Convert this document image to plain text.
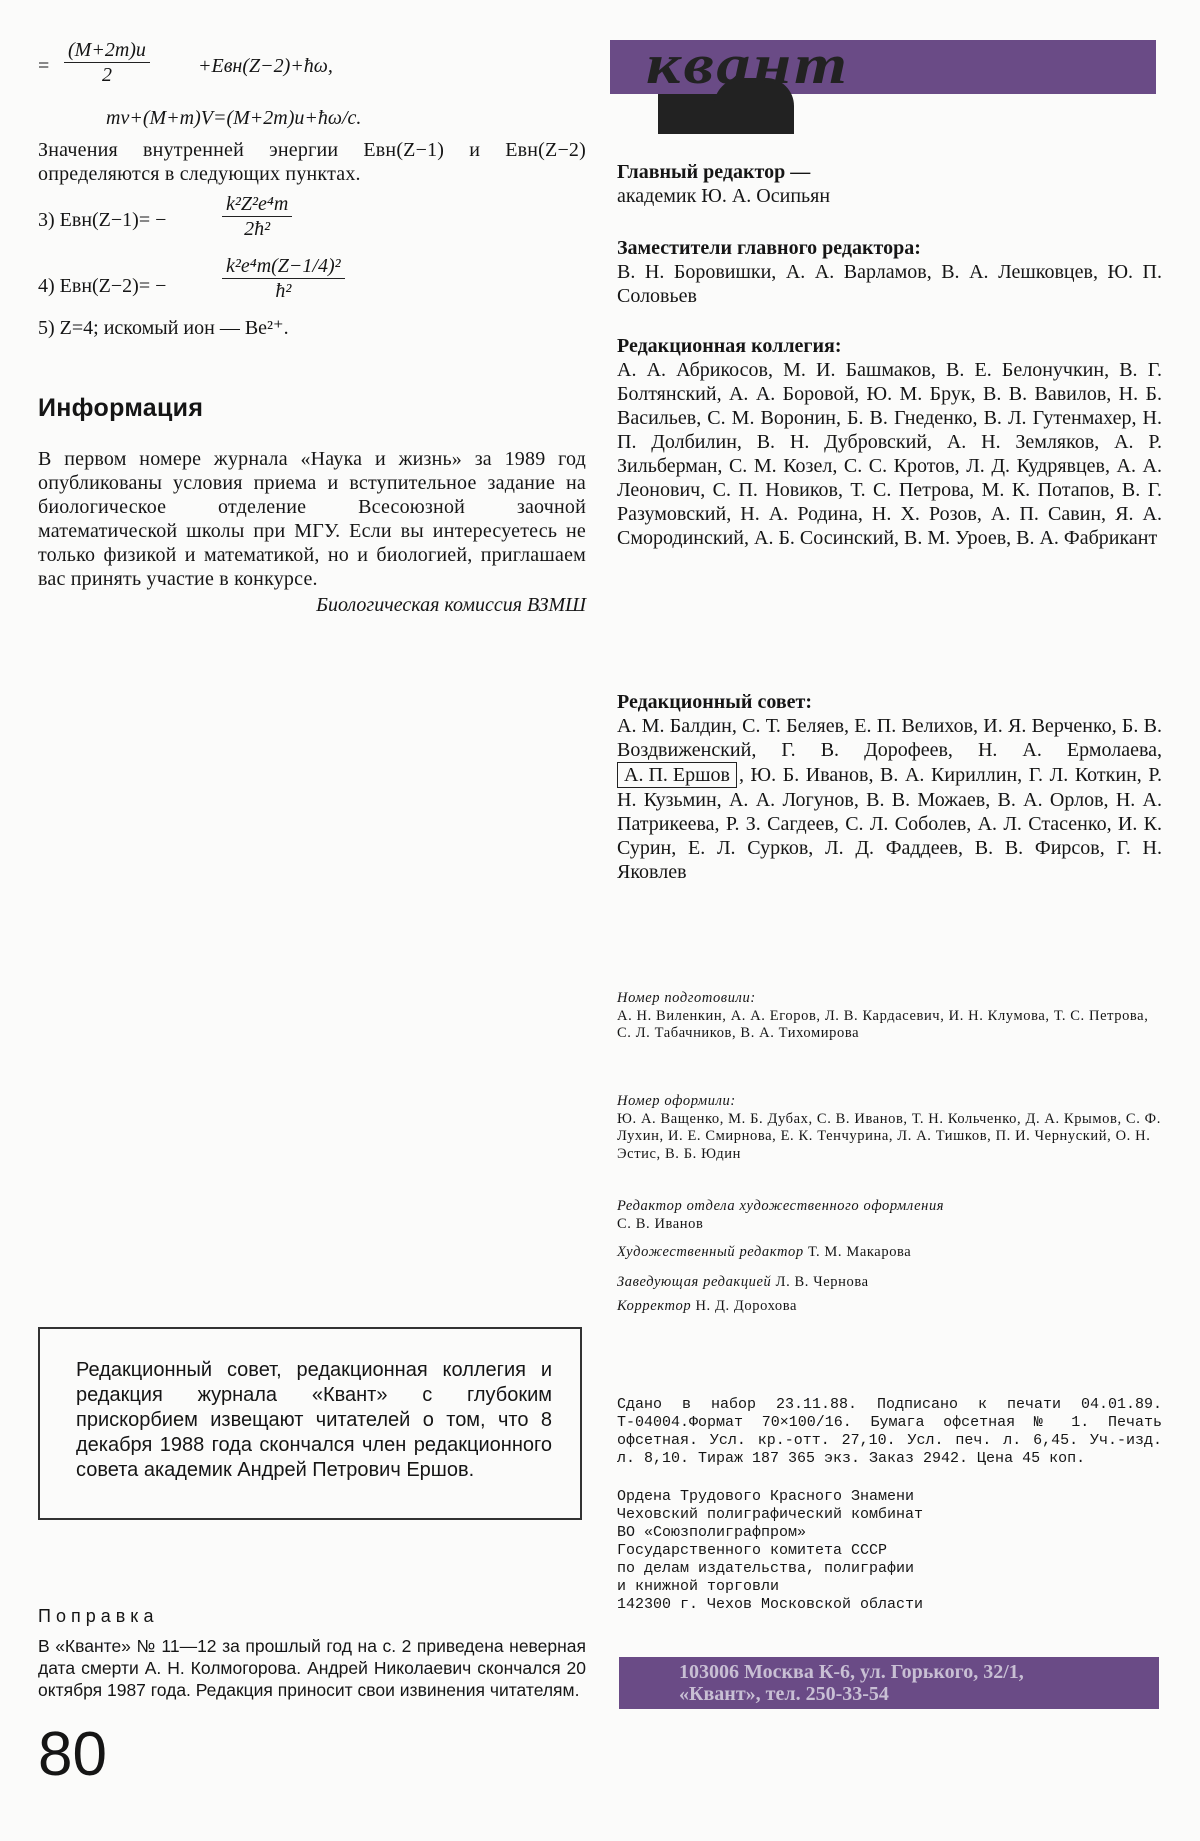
= $\frac{(M+2m)u}{2}$ +Eвн(Z−2)+ħω,
mv+(M+m)V=(M+2m)u+ħω/c.
Значения внутренней энергии Eвн(Z−1) и Eвн(Z−2) определяются в следующих пунктах.
3) Eвн(Z−1)= −	$\frac{\text{k²Z²e⁴m}}{\text{2ħ²}}$
4) Eвн(Z−2)= −	$\frac{\text{k²e⁴m(Z−1/4)²}}{\text{ħ²}}$
5) Z=4; искомый ион — Be²⁺.
Информация
В первом номере журнала «Наука и жизнь» за 1989 год опубликованы условия приема и вступительное задание на биологическое отделение Всесоюзной заочной математической школы при МГУ. Если вы интересуетесь не только физикой и математикой, но и биологией, приглашаем вас принять участие в конкурсе.
Биологическая комиссия ВЗМШ
Редакционный совет, редакционная коллегия и редакция журнала «Квант» с глубоким прискорбием извещают читателей о том, что 8 декабря 1988 года скончался член редакционного совета академик Андрей Петрович Ершов.
Поправка
В «Кванте» № 11—12 за прошлый год на с. 2 приведена неверная дата смерти А. Н. Колмогорова. Андрей Николаевич скончался 20 октября 1987 года. Редакция приносит свои извинения читателям.
80
квант
Главный редактор —
академик Ю. А. Осипьян
Заместители главного редактора:
В. Н. Боровишки, А. А. Варламов, В. А. Лешковцев, Ю. П. Соловьев
Редакционная коллегия:
А. А. Абрикосов, М. И. Башмаков, В. Е. Белонучкин, В. Г. Болтянский, А. А. Боровой, Ю. М. Брук, В. В. Вавилов, Н. Б. Васильев, С. М. Воронин, Б. В. Гнеденко, В. Л. Гутенмахер, Н. П. Долбилин, В. Н. Дубровский, А. Н. Земляков, А. Р. Зильберман, С. М. Козел, С. С. Кротов, Л. Д. Кудрявцев, А. А. Леонович, С. П. Новиков, Т. С. Петрова, М. К. Потапов, В. Г. Разумовский, Н. А. Родина, Н. Х. Розов, А. П. Савин, Я. А. Смородинский, А. Б. Сосинский, В. М. Уроев, В. А. Фабрикант
Редакционный совет:
А. М. Балдин, С. Т. Беляев, Е. П. Велихов, И. Я. Верченко, Б. В. Воздвиженский, Г. В. Дорофеев, Н. А. Ермолаева, А. П. Ершов , Ю. Б. Иванов, В. А. Кириллин, Г. Л. Коткин, Р. Н. Кузьмин, А. А. Логунов, В. В. Можаев, В. А. Орлов, Н. А. Патрикеева, Р. З. Сагдеев, С. Л. Соболев, А. Л. Стасенко, И. К. Сурин, Е. Л. Сурков, Л. Д. Фаддеев, В. В. Фирсов, Г. Н. Яковлев
Номер подготовили:
А. Н. Виленкин, А. А. Егоров, Л. В. Кардасевич, И. Н. Клумова, Т. С. Петрова, С. Л. Табачников, В. А. Тихомирова
Номер оформили:
Ю. А. Ващенко, М. Б. Дубах, С. В. Иванов, Т. Н. Кольченко, Д. А. Крымов, С. Ф. Лухин, И. Е. Смирнова, Е. К. Тенчурина, Л. А. Тишков, П. И. Чернуский, О. Н. Эстис, В. Б. Юдин
Редактор отдела художественного оформления
С. В. Иванов
Художественный редактор Т. М. Макарова
Заведующая редакцией Л. В. Чернова
Корректор Н. Д. Дорохова
Сдано в набор 23.11.88. Подписано к печати 04.01.89. Т-04004.Формат 70×100/16. Бумага офсетная № 1. Печать офсетная. Усл. кр.-отт. 27,10. Усл. печ. л. 6,45. Уч.-изд. л. 8,10. Тираж 187 365 экз. Заказ 2942. Цена 45 коп.
Ордена Трудового Красного Знамени
Чеховский полиграфический комбинат
ВО «Союзполиграфпром»
Государственного комитета СССР
по делам издательства, полиграфии
и книжной торговли
142300 г. Чехов Московской области
103006 Москва К-6, ул. Горького, 32/1,
«Квант», тел. 250-33-54
